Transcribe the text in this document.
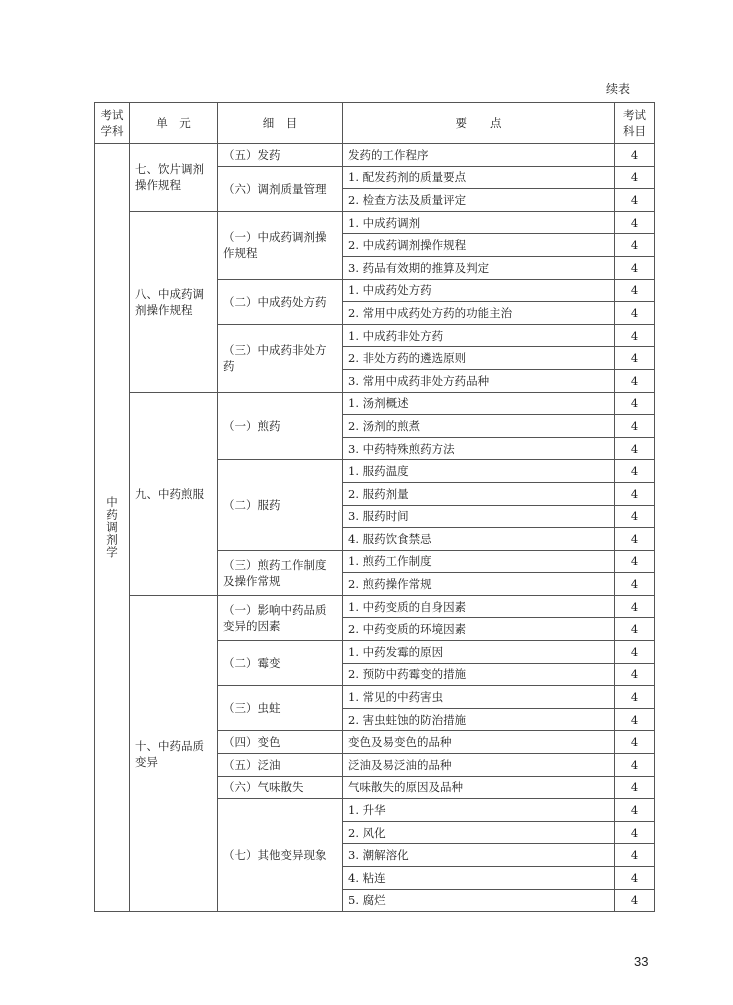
续表
考试学科	单　元	细　目	要　　点	考试科目

中药调剂学	七、饮片调剂操作规程	（五）发药	发药的工作程序	4
		（六）调剂质量管理	1. 配发药剂的质量要点	4
			2. 检查方法及质量评定	4
	八、中成药调剂操作规程	（一）中成药调剂操作规程	1. 中成药调剂	4
			2. 中成药调剂操作规程	4
			3. 药品有效期的推算及判定	4
		（二）中成药处方药	1. 中成药处方药	4
			2. 常用中成药处方药的功能主治	4
		（三）中成药非处方药	1. 中成药非处方药	4
			2. 非处方药的遴选原则	4
			3. 常用中成药非处方药品种	4
	九、中药煎服	（一）煎药	1. 汤剂概述	4
			2. 汤剂的煎煮	4
			3. 中药特殊煎药方法	4
		（二）服药	1. 服药温度	4
			2. 服药剂量	4
			3. 服药时间	4
			4. 服药饮食禁忌	4
		（三）煎药工作制度及操作常规	1. 煎药工作制度	4
			2. 煎药操作常规	4
	十、中药品质变异	（一）影响中药品质变异的因素	1. 中药变质的自身因素	4
			2. 中药变质的环境因素	4
		（二）霉变	1. 中药发霉的原因	4
			2. 预防中药霉变的措施	4
		（三）虫蛀	1. 常见的中药害虫	4
			2. 害虫蛀蚀的防治措施	4
		（四）变色	变色及易变色的品种	4
		（五）泛油	泛油及易泛油的品种	4
		（六）气味散失	气味散失的原因及品种	4
		（七）其他变异现象	1. 升华	4
			2. 风化	4
			3. 潮解溶化	4
			4. 粘连	4
			5. 腐烂	4
33
